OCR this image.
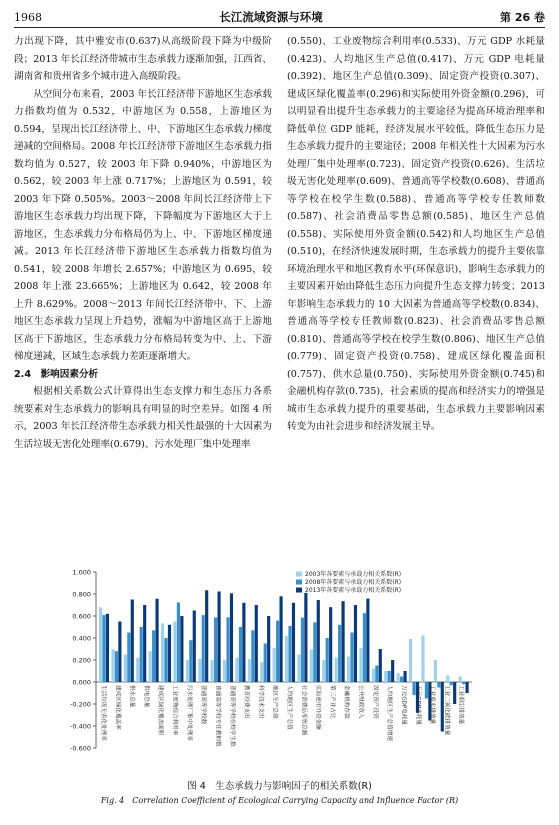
1968	长江流域资源与环境	第 26 卷

力出现下降，其中雅安市(0.637)从高级阶段下降为中级阶段；2013 年长江经济带城市生态承载力逐渐加强，江西省、湖南省和贵州省多个城市进入高级阶段。

从空间分布来看，2003 年长江经济带下游地区生态承载力指数均值为 0.532，中游地区为 0.558，上游地区为 0.594，呈现出长江经济带上、中、下游地区生态承载力梯度递减的空间格局。2008 年长江经济带下游地区生态承载力指数均值为 0.527，较 2003 年下降 0.940%，中游地区为 0.562，较 2003 年上涨 0.717%；上游地区为 0.591，较 2003 年下降 0.505%。2003～2008 年间长江经济带上下游地区生态承载力均出现下降，下降幅度为下游地区大于上游地区，生态承载力分布格局仍为上、中、下游地区梯度递减。2013 年长江经济带下游地区生态承载力指数均值为 0.541，较 2008 年增长 2.657%；中游地区为 0.695，较 2008 年上涨 23.665%；上游地区为 0.642，较 2008 年上升 8.629%。2008～2013 年间长江经济带中、下、上游地区生态承载力呈现上升趋势，涨幅为中游地区高于上游地区高于下游地区，生态承载力分布格局转变为中、上、下游梯度递减，区域生态承载力差距逐渐增大。

2.4　影响因素分析

根据相关系数公式计算得出生态支撑力和生态压力各系统要素对生态承载力的影响具有明显的时空差异。如图 4 所示，2003 年长江经济带生态承载力相关性最强的十大因素为生活垃圾无害化处理率(0.679)、污水处理厂集中处理率

(0.550)、工业废物综合利用率(0.533)、万元 GDP 水耗量(0.423)、人均地区生产总值(0.417)、万元 GDP 电耗量(0.392)、地区生产总值(0.309)、固定资产投资(0.307)、建成区绿化覆盖率(0.296)和实际使用外资金额(0.296)，可以明显看出提升生态承载力的主要途径为提高环境治理率和降低单位 GDP 能耗，经济发展水平较低，降低生态压力是生态承载力提升的主要途径；2008 年相关性十大因素为污水处理厂集中处理率(0.723)、固定资产投资(0.626)、生活垃圾无害化处理率(0.609)、普通高等学校数(0.608)、普通高等学校在校学生数(0.588)、普通高等学校专任教师数(0.587)、社会消费品零售总额(0.585)、地区生产总值(0.558)、实际使用外资金额(0.542)和人均地区生产总值(0.510)，在经济快速发展时期，生态承载力的提升主要依靠环境治理水平和地区教育水平(环保意识)，影响生态承载力的主要因素开始由降低生态压力向提升生态支撑力转变；2013 年影响生态承载力的 10 大因素为普通高等学校数(0.834)、普通高等学校专任教师数(0.823)、社会消费品零售总额(0.810)、普通高等学校在校学生数(0.806)、地区生产总值(0.779)、固定资产投资(0.758)、建成区绿化覆盖面积(0.757)、供水总量(0.750)、实际使用外资金额(0.745)和金融机构存款(0.735)，社会素质的提高和经济实力的增强是城市生态承载力提升的重要基础，生态承载力主要影响因素转变为由社会进步和经济发展主导。

1.000
0.800
0.600
0.400
0.200
0.000
-0.200
-0.400
-0.600
生活垃圾无害化处理率	建成区绿化覆盖率	供水总量	供电总量	建成区绿化覆盖面积	工业废物综合利用率	污水处理厂集中处理率	普通高等学校数	普通高等学校专任教师数	普通高等学校在校学生数	教育经费支出	科学技术支出	地区生产总值	人均地区生产总值	社会消费品零售总额	实际使用外资金额	第三产业占比	金融机构存款	公共财政收入	固定资产投资	人均地区生产总值增速	万元GDP电耗量	万元GDP水耗量	工业废水排放量	工业二氧化硫排放量	工业烟尘排放量
2003年各要素与承载力相关系数(R)
2008年各要素与承载力相关系数(R)
2013年各要素与承载力相关系数(R)
图 4　生态承载力与影响因子的相关系数(R)
Fig. 4　Correlation Coefficient of Ecological Carrying Capacity and Influence Factor (R)
